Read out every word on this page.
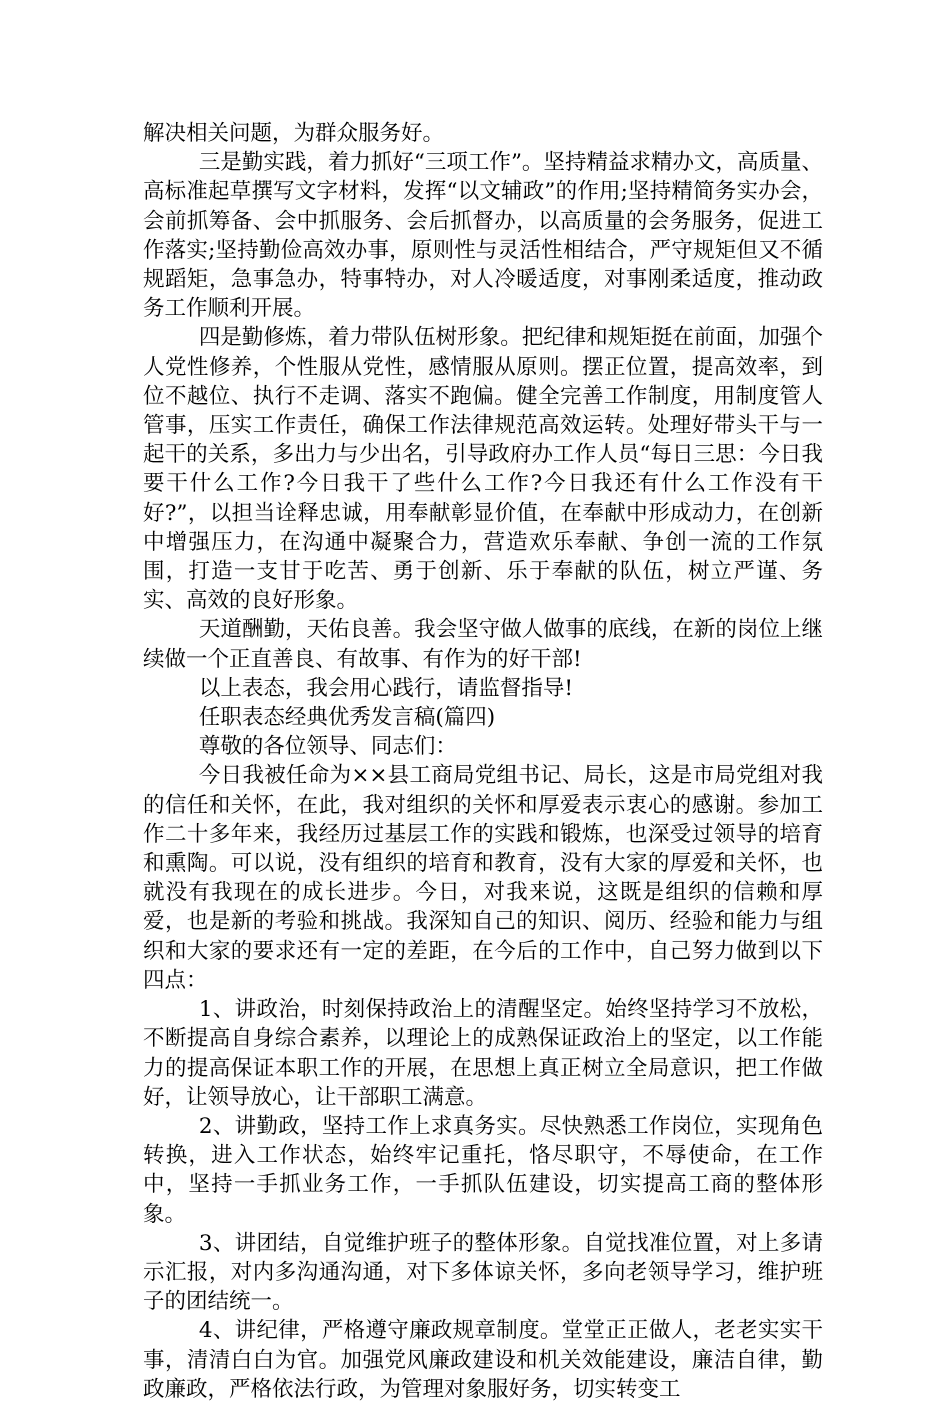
解决相关问题，为群众服务好。

三是勤实践，着力抓好“三项工作”。坚持精益求精办文，高质量、高标准起草撰写文字材料，发挥“以文辅政”的作用;坚持精简务实办会，会前抓筹备、会中抓服务、会后抓督办，以高质量的会务服务，促进工作落实;坚持勤俭高效办事，原则性与灵活性相结合，严守规矩但又不循规蹈矩，急事急办，特事特办，对人冷暖适度，对事刚柔适度，推动政务工作顺利开展。

四是勤修炼，着力带队伍树形象。把纪律和规矩挺在前面，加强个人党性修养，个性服从党性，感情服从原则。摆正位置，提高效率，到位不越位、执行不走调、落实不跑偏。健全完善工作制度，用制度管人管事，压实工作责任，确保工作法律规范高效运转。处理好带头干与一起干的关系，多出力与少出名，引导政府办工作人员“每日三思：今日我要干什么工作?今日我干了些什么工作?今日我还有什么工作没有干好?”，以担当诠释忠诚，用奉献彰显价值，在奉献中形成动力，在创新中增强压力，在沟通中凝聚合力，营造欢乐奉献、争创一流的工作氛围，打造一支甘于吃苦、勇于创新、乐于奉献的队伍，树立严谨、务实、高效的良好形象。

天道酬勤，天佑良善。我会坚守做人做事的底线，在新的岗位上继续做一个正直善良、有故事、有作为的好干部!

以上表态，我会用心践行，请监督指导!

任职表态经典优秀发言稿(篇四)

尊敬的各位领导、同志们：

今日我被任命为××县工商局党组书记、局长，这是市局党组对我的信任和关怀，在此，我对组织的关怀和厚爱表示衷心的感谢。参加工作二十多年来，我经历过基层工作的实践和锻炼，也深受过领导的培育和熏陶。可以说，没有组织的培育和教育，没有大家的厚爱和关怀，也就没有我现在的成长进步。今日，对我来说，这既是组织的信赖和厚爱，也是新的考验和挑战。我深知自己的知识、阅历、经验和能力与组织和大家的要求还有一定的差距，在今后的工作中，自己努力做到以下四点：

1、讲政治，时刻保持政治上的清醒坚定。始终坚持学习不放松，不断提高自身综合素养，以理论上的成熟保证政治上的坚定，以工作能力的提高保证本职工作的开展，在思想上真正树立全局意识，把工作做好，让领导放心，让干部职工满意。

2、讲勤政，坚持工作上求真务实。尽快熟悉工作岗位，实现角色转换，进入工作状态，始终牢记重托，恪尽职守，不辱使命，在工作中，坚持一手抓业务工作，一手抓队伍建设，切实提高工商的整体形象。

3、讲团结，自觉维护班子的整体形象。自觉找准位置，对上多请示汇报，对内多沟通沟通，对下多体谅关怀，多向老领导学习，维护班子的团结统一。

4、讲纪律，严格遵守廉政规章制度。堂堂正正做人，老老实实干事，清清白白为官。加强党风廉政建设和机关效能建设，廉洁自律，勤政廉政，严格依法行政，为管理对象服好务，切实转变工
